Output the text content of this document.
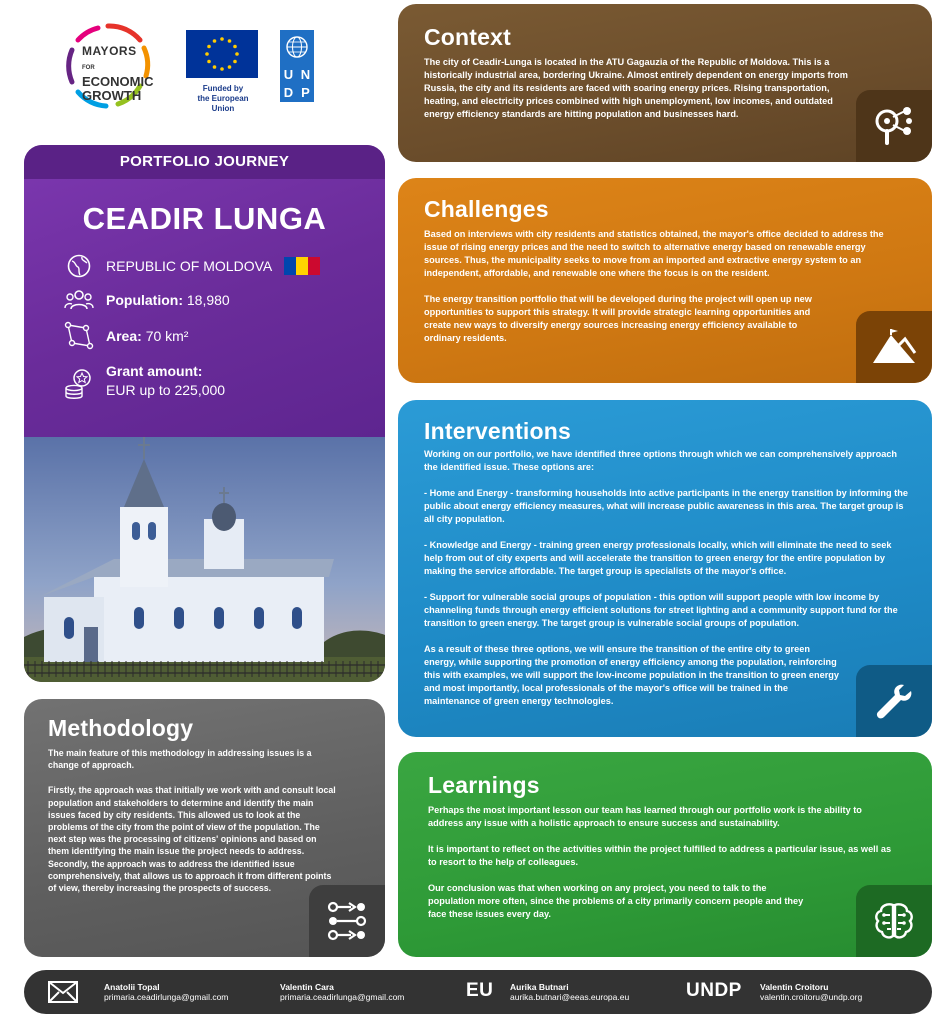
MAYORS
FORECONOMIC
GROWTH	Funded by
the European Union
U N
D P
PORTFOLIO JOURNEY
CEADIR LUNGA
REPUBLIC OF MOLDOVA
Population:
18,980
Area:
70 km²
Grant amount:
EUR up to 225,000
Methodology

The main feature of this methodology in addressing issues is a change of approach.

Firstly, the approach was that initially we work with and consult local population and stakeholders to determine and identify the main issues faced by city residents. This allowed us to look at the problems of the city from the point of view of the population. The next step was the processing of citizens' opinions and based on them identifying the main issue the project needs to address. Secondly, the approach was to address the identified issue comprehensively, that allows us to approach it from different points of view, thereby increasing the prospects of success.

Context

The city of Ceadir-Lunga is located in the ATU Gagauzia of the Republic of Moldova. This is a historically industrial area, bordering Ukraine. Almost entirely dependent on energy imports from Russia, the city and its residents are faced with soaring energy prices. Rising transportation, heating, and electricity prices combined with high unemployment, low incomes, and outdated energy efficiency standards are hitting population and businesses hard.

Challenges

Based on interviews with city residents and statistics obtained, the mayor's office decided to address the issue of rising energy prices and the need to switch to alternative energy based on renewable energy sources. Thus, the municipality seeks to move from an imported and extractive energy system to an independent, affordable, and renewable one where the focus is on the resident.

The energy transition portfolio that will be developed during the project will open up new opportunities to support this strategy. It will provide strategic learning opportunities and create new ways to diversify energy sources increasing energy efficiency available to ordinary residents.

Interventions

Working on our portfolio, we have identified three options through which we can comprehensively approach the identified issue. These options are:

- Home and Energy - transforming households into active participants in the energy transition by informing the public about energy efficiency measures, what will increase public awareness in this area. The target group is all city population.

- Knowledge and Energy - training green energy professionals locally, which will eliminate the need to seek help from out of city experts and will accelerate the transition to green energy for the entire population by making the service affordable. The target group is specialists of the mayor's office.

- Support for vulnerable social groups of population - this option will support people with low income by channeling funds through energy efficient solutions for street lighting and a community support fund for the transition to green energy. The target group is vulnerable social groups of population.

As a result of these three options, we will ensure the transition of the entire city to green energy, while supporting the promotion of energy efficiency among the population, reinforcing this with examples, we will support the low-income population in the transition to green energy and most importantly, local professionals of the mayor's office will be trained in the maintenance of green energy technologies.

Learnings

Perhaps the most important lesson our team has learned through our portfolio work is the ability to address any issue with a holistic approach to ensure success and sustainability.

It is important to reflect on the activities within the project fulfilled to address a particular issue, as well as to resort to the help of colleagues.

Our conclusion was that when working on any project, you need to talk to the population more often, since the problems of a city primarily concern people and they face these issues every day.

Anatolii Topal
primaria.ceadirlunga@gmail.com
Valentin Cara
primaria.ceadirlunga@gmail.com	EU Aurika Butnari
aurika.butnari@eeas.europa.eu	UNDP Valentin Croitoru
valentin.croitoru@undp.org
